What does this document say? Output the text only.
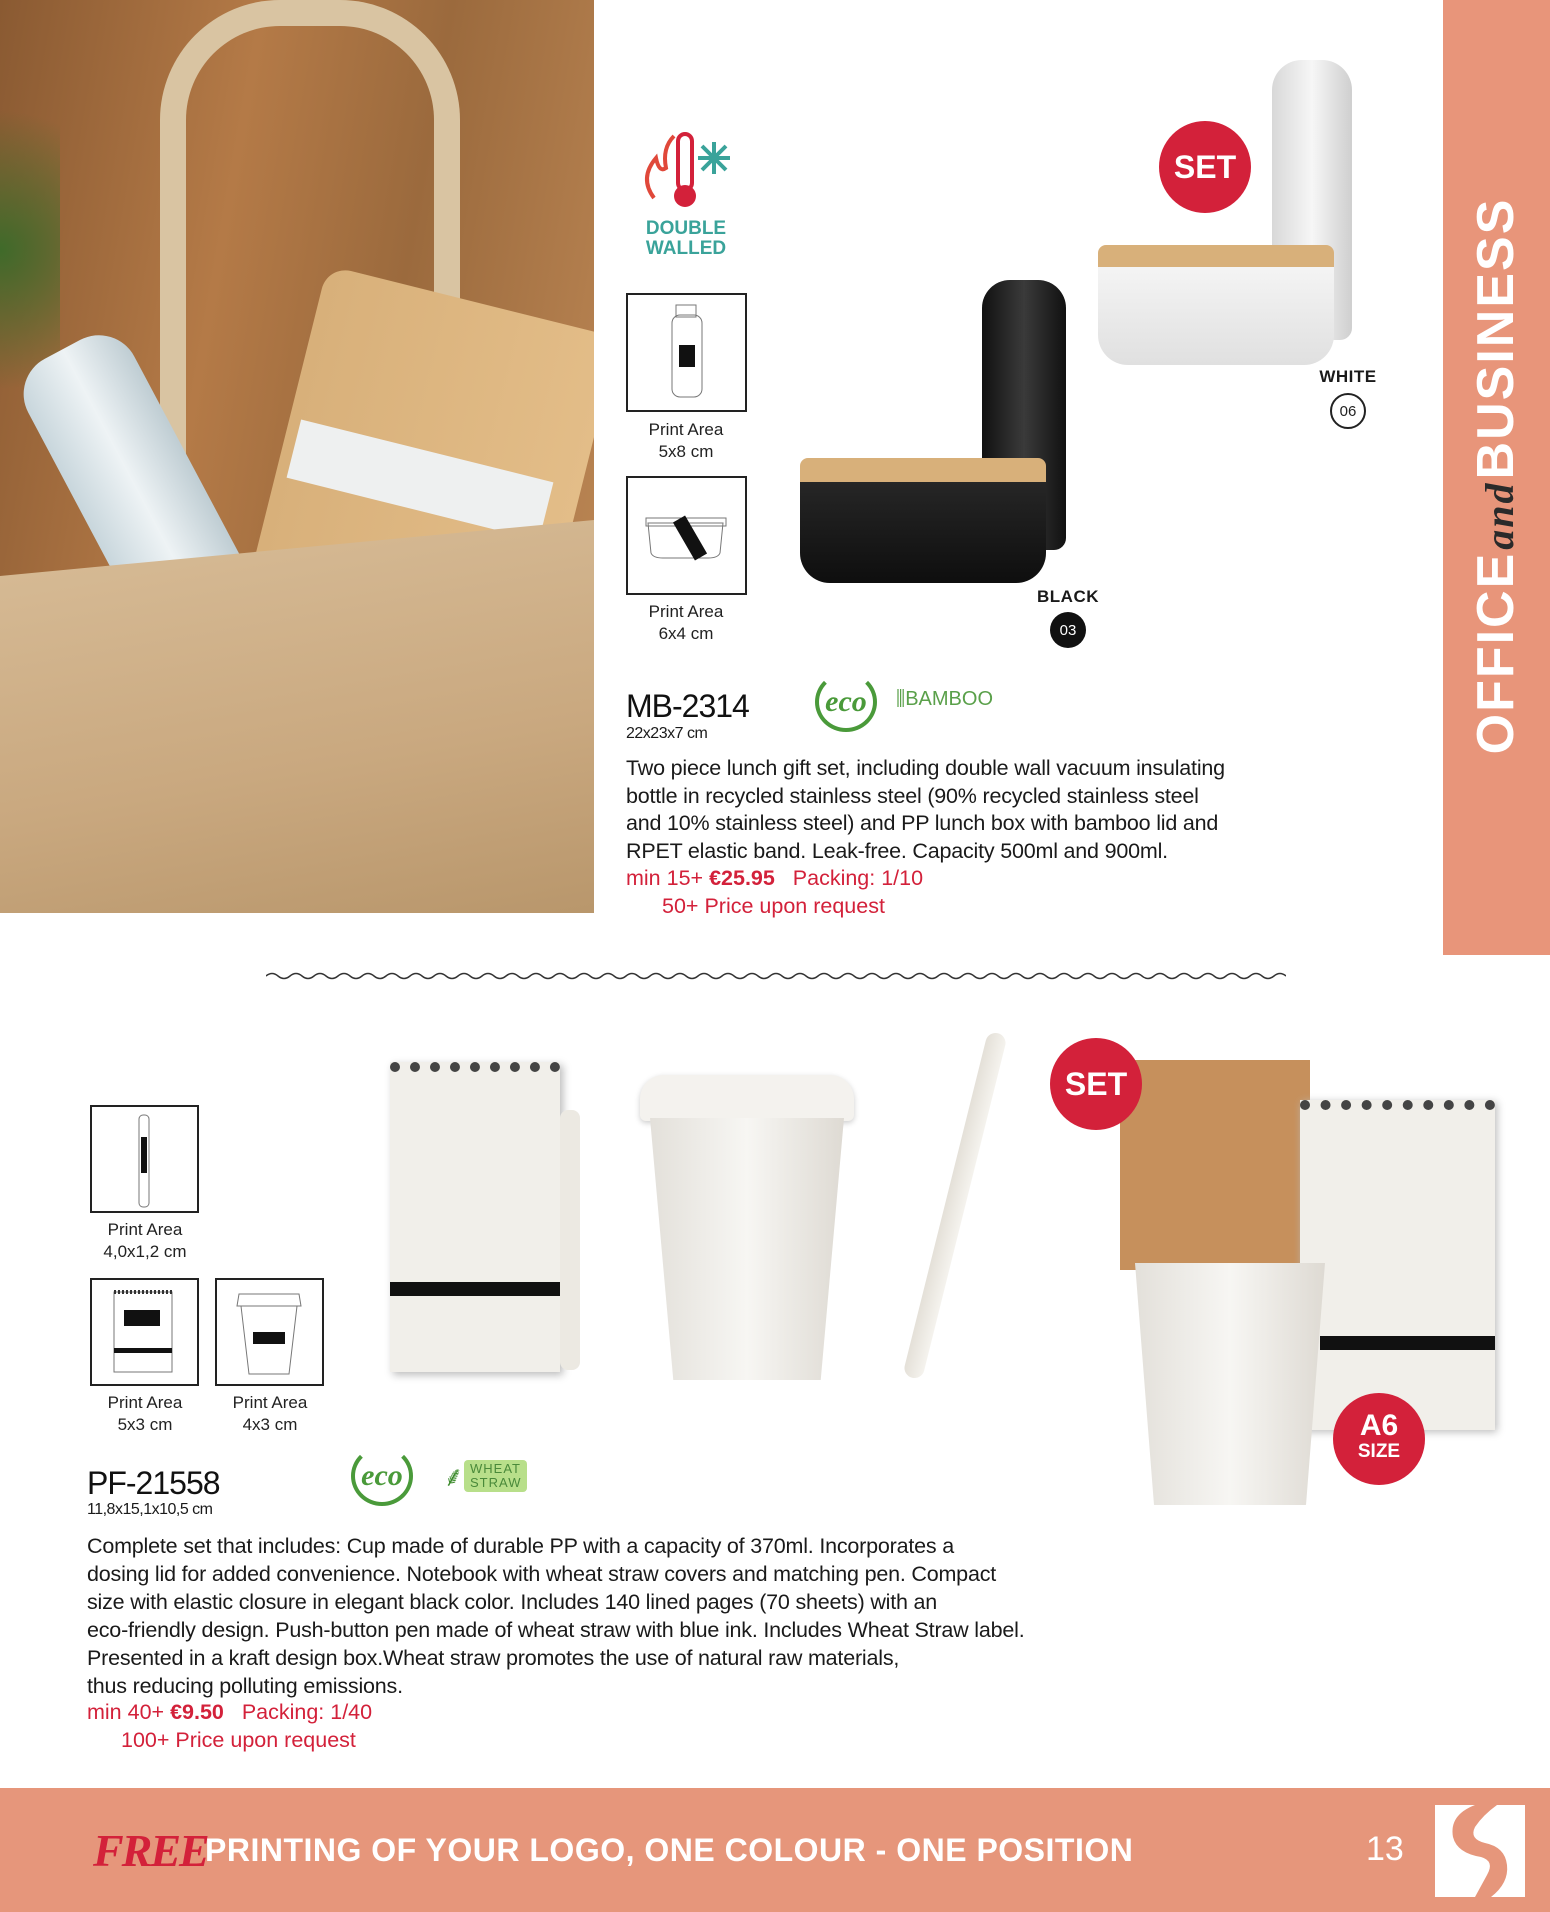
OFFICEandBUSINESS
DOUBLE WALLED
Print Area
5x8 cm
Print Area
6x4 cm
SET
WHITE
06
BLACK
03
MB-2314
22x23x7 cm
eco	⫼BAMBOO
Two piece lunch gift set, including double wall vacuum insulating
bottle in recycled stainless steel (90% recycled stainless steel
and 10% stainless steel) and PP lunch box with bamboo lid and
RPET elastic band. Leak-free. Capacity 500ml and 900ml.
min 15+ €25.95 Packing: 1/10
50+ Price upon request
Print Area
4,0x1,2 cm
Print Area
5x3 cm
Print Area
4x3 cm
SET
A6
SIZE
PF-21558
11,8x15,1x10,5 cm
eco	⸙ WHEAT
STRAW
Complete set that includes: Cup made of durable PP with a capacity of 370ml. Incorporates a
dosing lid for added convenience. Notebook with wheat straw covers and matching pen. Compact
size with elastic closure in elegant black color. Includes 140 lined pages (70 sheets) with an
eco-friendly design. Push-button pen made of wheat straw with blue ink. Includes Wheat Straw label.
Presented in a kraft design box.Wheat straw promotes the use of natural raw materials,
thus reducing polluting emissions.
min 40+ €9.50 Packing: 1/40
100+ Price upon request
FREE
PRINTING OF YOUR LOGO, ONE COLOUR - ONE POSITION	13
